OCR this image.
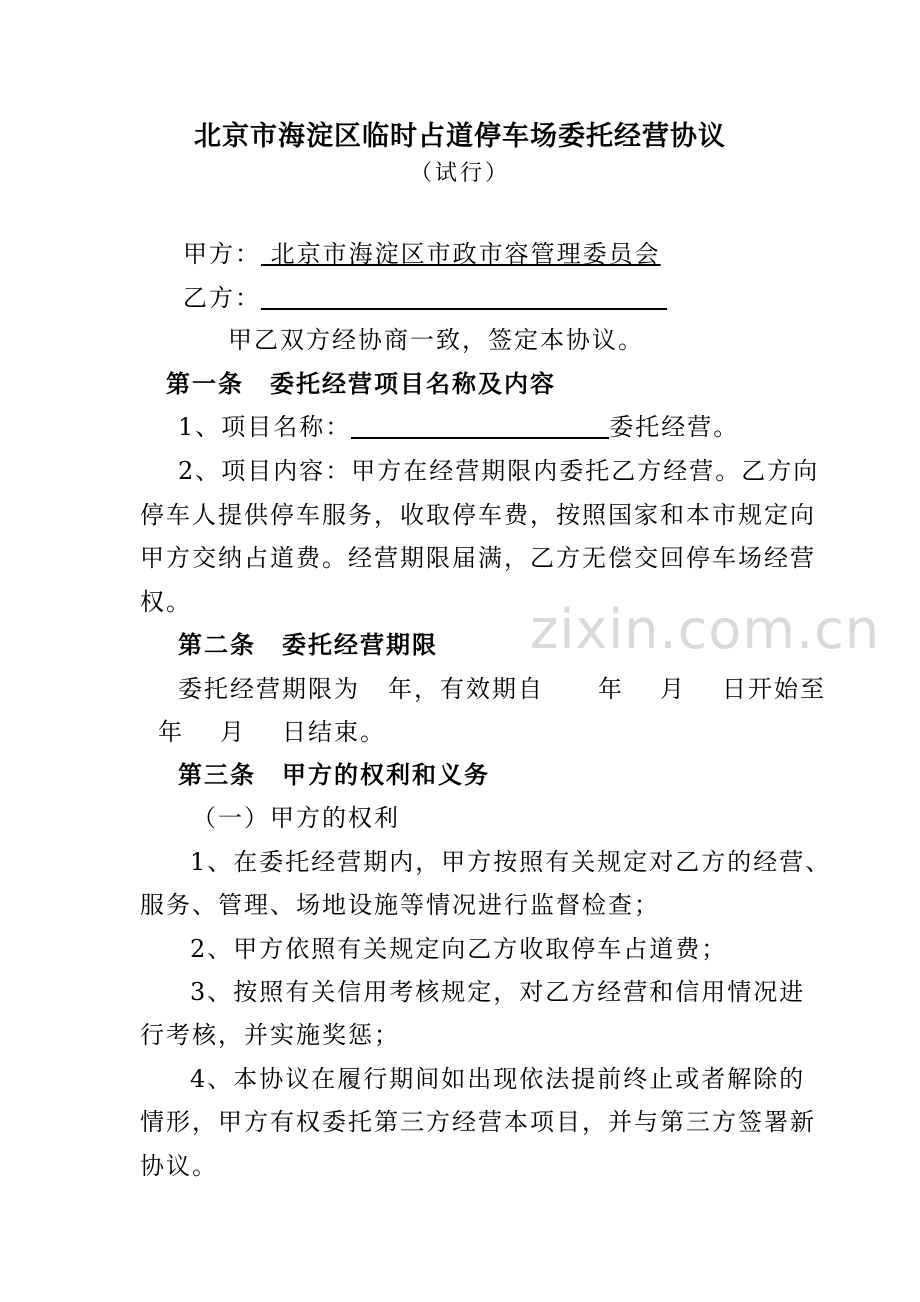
北京市海淀区临时占道停车场委托经营协议
（试行）
甲方： 北京市海淀区市政市容管理委员会
乙方：
甲乙双方经协商一致，签定本协议。
第一条　委托经营项目名称及内容
1、项目名称：	委托经营。
2、项目内容：甲方在经营期限内委托乙方经营。乙方向
停车人提供停车服务，收取停车费，按照国家和本市规定向
甲方交纳占道费。经营期限届满，乙方无偿交回停车场经营
权。	zixin.com.cn
第二条　委托经营期限
委托经营期限为 年，有效期自 年 月 日开始至
年 月 日结束。
第三条　甲方的权利和义务
（一）甲方的权利
1、在委托经营期内，甲方按照有关规定对乙方的经营、
服务、管理、场地设施等情况进行监督检查；
2、甲方依照有关规定向乙方收取停车占道费；
3、按照有关信用考核规定，对乙方经营和信用情况进
行考核，并实施奖惩；
4、本协议在履行期间如出现依法提前终止或者解除的
情形，甲方有权委托第三方经营本项目，并与第三方签署新
协议。
